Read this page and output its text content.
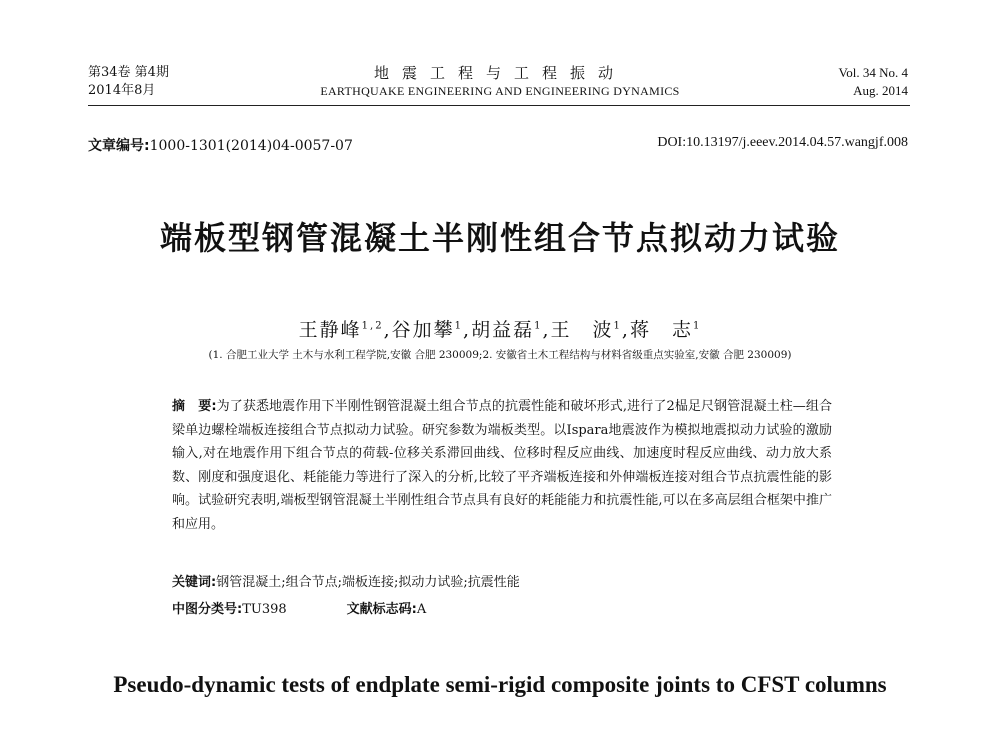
第34卷 第4期
2014年8月
地震工程与工程振动
EARTHQUAKE ENGINEERING AND ENGINEERING DYNAMICS
Vol. 34 No. 4
Aug. 2014
文章编号:1000-1301(2014)04-0057-07	DOI:10.13197/j.eeev.2014.04.57.wangjf.008
端板型钢管混凝土半刚性组合节点拟动力试验
王静峰$^{1,2}$,谷加攀$^1$,胡益磊$^1$,王　波$^1$,蒋　志$^1$
(1. 合肥工业大学 土木与水利工程学院,安徽 合肥 230009;2. 安徽省土木工程结构与材料省级重点实验室,安徽 合肥 230009)
摘　要:为了获悉地震作用下半刚性钢管混凝土组合节点的抗震性能和破坏形式,进行了2榀足尺钢管混凝土柱—组合梁单边螺栓端板连接组合节点拟动力试验。研究参数为端板类型。以Ispara地震波作为模拟地震拟动力试验的激励输入,对在地震作用下组合节点的荷载-位移关系滞回曲线、位移时程反应曲线、加速度时程反应曲线、动力放大系数、刚度和强度退化、耗能能力等进行了深入的分析,比较了平齐端板连接和外伸端板连接对组合节点抗震性能的影响。试验研究表明,端板型钢管混凝土半刚性组合节点具有良好的耗能能力和抗震性能,可以在多高层组合框架中推广和应用。
关键词:钢管混凝土;组合节点;端板连接;拟动力试验;抗震性能
中图分类号:TU398	文献标志码:A
Pseudo-dynamic tests of endplate semi-rigid composite joints to CFST columns
